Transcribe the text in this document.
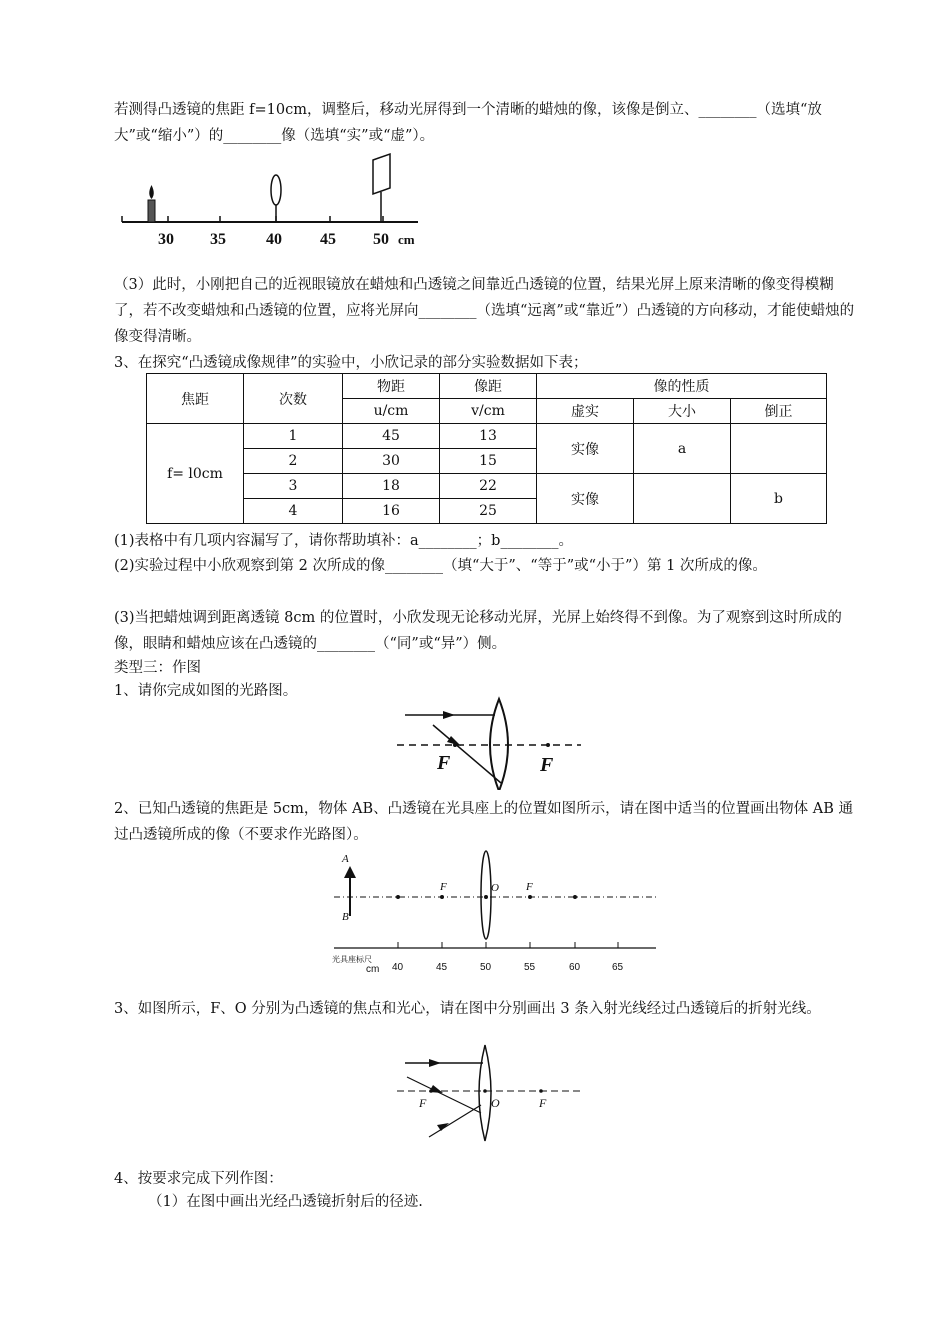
若测得凸透镜的焦距 f=10cm，调整后，移动光屏得到一个清晰的蜡烛的像，该像是倒立、________（选填“放大”或“缩小”）的________像（选填“实”或“虚”）。

30 35	40 45 50 cm

（3）此时，小刚把自己的近视眼镜放在蜡烛和凸透镜之间靠近凸透镜的位置，结果光屏上原来清晰的像变得模糊了，若不改变蜡烛和凸透镜的位置，应将光屏向________（选填“远离”或“靠近”）凸透镜的方向移动，才能使蜡烛的像变得清晰。

3、在探究“凸透镜成像规律”的实验中，小欣记录的部分实验数据如下表；

焦距	次数	物距	像距	像的性质		
		u/cm	v/cm	虚实	大小	倒正
f= l0cm	1	45	13	实像	a	
	2	30	15			
	3	18	22	实像		b
	4	16	25			

(1)表格中有几项内容漏写了，请你帮助填补：a________；b________。

(2)实验过程中小欣观察到第 2 次所成的像________（填“大于”、“等于”或“小于”）第 1 次所成的像。

(3)当把蜡烛调到距离透镜 8cm 的位置时，小欣发现无论移动光屏，光屏上始终得不到像。为了观察到这时所成的像，眼睛和蜡烛应该在凸透镜的________（“同”或“异”）侧。

类型三：作图

1、请你完成如图的光路图。

F	F

2、已知凸透镜的焦距是 5cm，物体 AB、凸透镜在光具座上的位置如图所示，请在图中适当的位置画出物体 AB 通过凸透镜所成的像（不要求作光路图）。

A
B
F	O F
光具座标尺
cm 40	45	50	55	60	65

3、如图所示，F、O 分别为凸透镜的焦点和光心，请在图中分别画出 3 条入射光线经过凸透镜后的折射光线。

F	O	F

4、按要求完成下列作图：

（1）在图中画出光经凸透镜折射后的径迹.
